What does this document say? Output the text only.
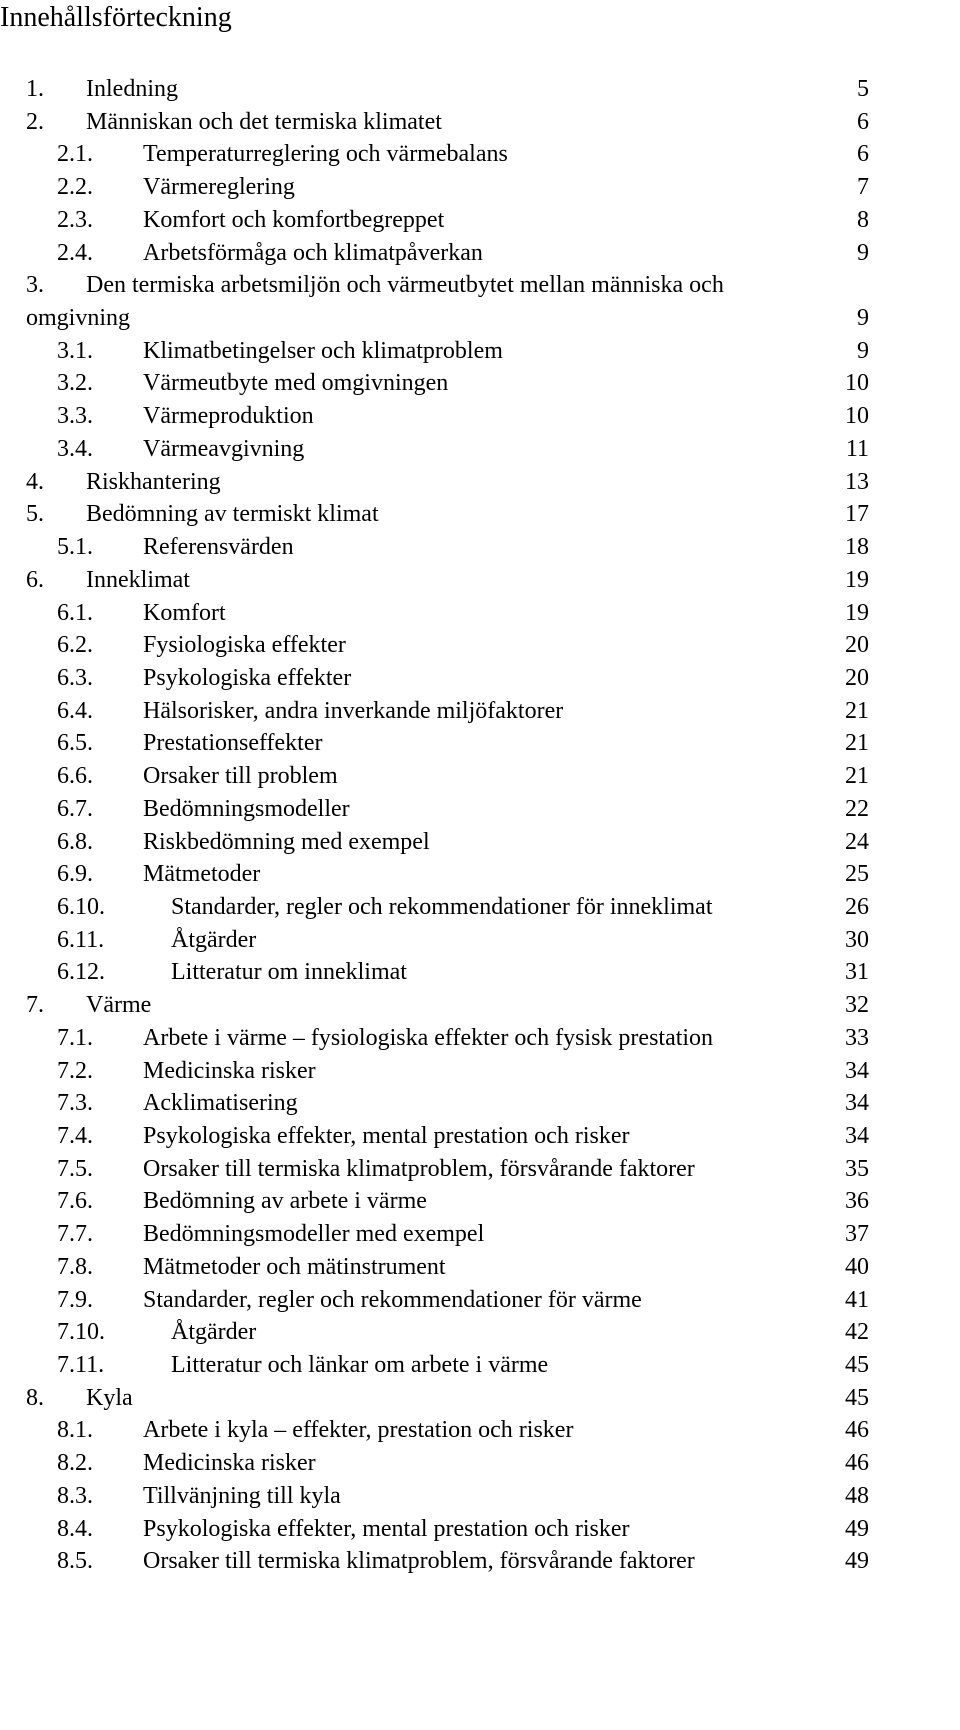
Innehållsförteckning
1. Inledning	5
2. Människan och det termiska klimatet	6
2.1. Temperaturreglering och värmebalans	6
2.2. Värmereglering	7
2.3. Komfort och komfortbegreppet	8
2.4. Arbetsförmåga och klimatpåverkan	9
3. Den termiska arbetsmiljön och värmeutbytet mellan människa och
omgivning	9
3.1. Klimatbetingelser och klimatproblem	9
3.2. Värmeutbyte med omgivningen	10
3.3. Värmeproduktion	10
3.4. Värmeavgivning	11
4. Riskhantering	13
5. Bedömning av termiskt klimat	17
5.1. Referensvärden	18
6. Inneklimat	19
6.1. Komfort	19
6.2. Fysiologiska effekter	20
6.3. Psykologiska effekter	20
6.4. Hälsorisker, andra inverkande miljöfaktorer	21
6.5. Prestationseffekter	21
6.6. Orsaker till problem	21
6.7. Bedömningsmodeller	22
6.8. Riskbedömning med exempel	24
6.9. Mätmetoder	25
6.10.	Standarder, regler och rekommendationer för inneklimat	26
6.11.	Åtgärder	30
6.12.	Litteratur om inneklimat	31
7. Värme	32
7.1. Arbete i värme – fysiologiska effekter och fysisk prestation	33
7.2. Medicinska risker	34
7.3. Acklimatisering	34
7.4. Psykologiska effekter, mental prestation och risker	34
7.5. Orsaker till termiska klimatproblem, försvårande faktorer	35
7.6. Bedömning av arbete i värme	36
7.7. Bedömningsmodeller med exempel	37
7.8. Mätmetoder och mätinstrument	40
7.9. Standarder, regler och rekommendationer för värme	41
7.10.	Åtgärder	42
7.11.	Litteratur och länkar om arbete i värme	45
8. Kyla	45
8.1. Arbete i kyla – effekter, prestation och risker	46
8.2. Medicinska risker	46
8.3. Tillvänjning till kyla	48
8.4. Psykologiska effekter, mental prestation och risker	49
8.5. Orsaker till termiska klimatproblem, försvårande faktorer	49
